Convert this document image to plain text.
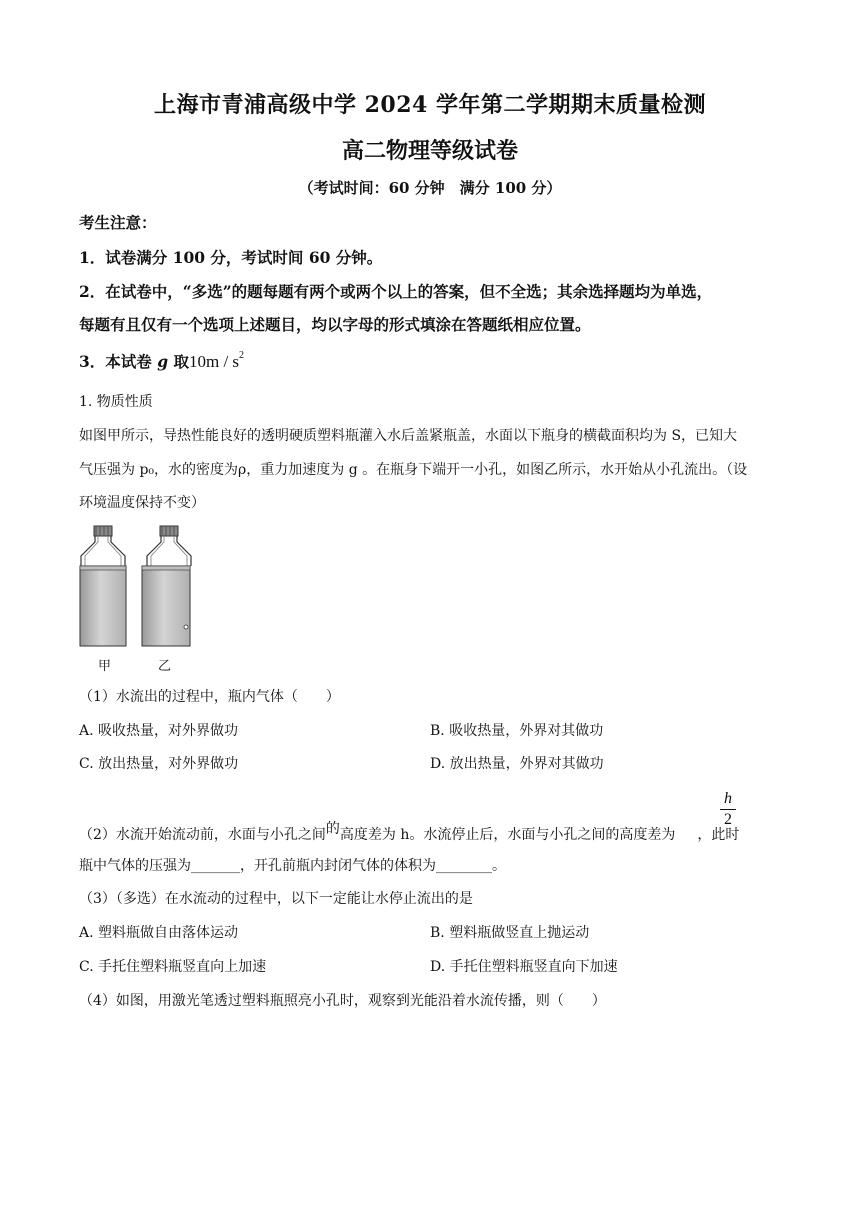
上海市青浦高级中学 2024 学年第二学期期末质量检测
高二物理等级试卷
（考试时间：60 分钟　满分 100 分）
考生注意：
1．试卷满分 100 分，考试时间 60 分钟。
2．在试卷中，“多选”的题每题有两个或两个以上的答案，但不全选；其余选择题均为单选，
每题有且仅有一个选项上述题目，均以字母的形式填涂在答题纸相应位置。
3．本试卷 g 取$10m / s^2$
1. 物质性质
如图甲所示，导热性能良好的透明硬质塑料瓶灌入水后盖紧瓶盖，水面以下瓶身的横截面积均为 S，已知大
气压强为 p₀，水的密度为ρ，重力加速度为 g 。在瓶身下端开一小孔，如图乙所示，水开始从小孔流出。（设
环境温度保持不变）
甲	乙
（1）水流出的过程中，瓶内气体（　　）
A. 吸收热量，对外界做功	B. 吸收热量，外界对其做功
C. 放出热量，对外界做功	D. 放出热量，外界对其做功
（2）水流开始流动前，水面与小孔之间的高度差为 h。水流停止后，水面与小孔之间的高度差为 ，此时
h
2
瓶中气体的压强为_______，开孔前瓶内封闭气体的体积为________。
（3）（多选）在水流动的过程中，以下一定能让水停止流出的是
A. 塑料瓶做自由落体运动	B. 塑料瓶做竖直上抛运动
C. 手托住塑料瓶竖直向上加速	D. 手托住塑料瓶竖直向下加速
（4）如图，用激光笔透过塑料瓶照亮小孔时，观察到光能沿着水流传播，则（　　）
